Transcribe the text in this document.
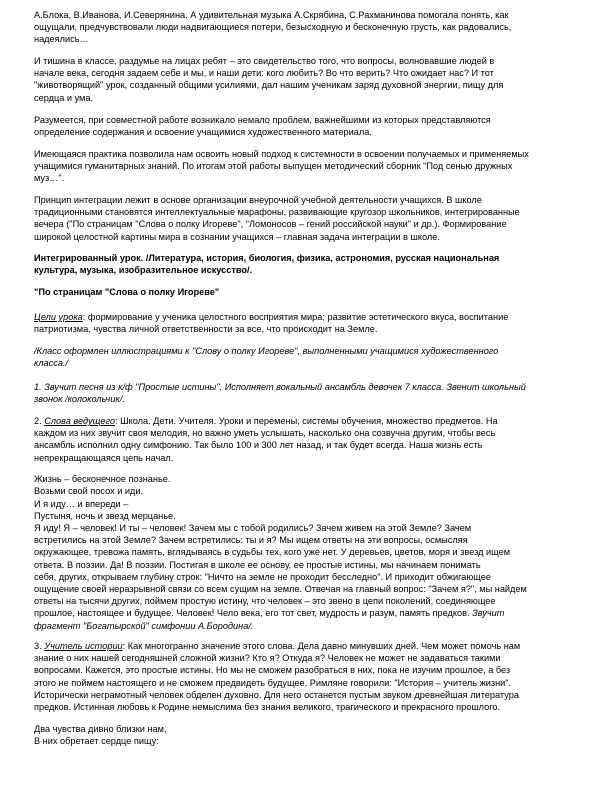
А.Блока, В.Иванова, И.Северянина. А удивительная музыка А.Скрябина, С.Рахманинова помогала понять, как
ощущали, предчувствовали люди надвигающиеся потери, безысходную и бесконечную грусть, как радовались,
надеялись…
И тишина в классе, раздумье на лицах ребят – это свидетельство того, что вопросы, волновавшие людей в
начале века, сегодня задаем себе и мы, и наши дети: кого любить? Во что верить? Что ожидает нас? И тот
"животворящий" урок, созданный общими усилиями, дал нашим ученикам заряд духовной энергии, пищу для
сердца и ума.
Разумеется, при совместной работе возникало немало проблем, важнейшими из которых представляются
определение содержания и освоение учащимися художественного материала.
Имеющаяся практика позволила нам освоить новый подход к системности в освоении получаемых и применяемых
учащимися гуманитарных знаний. По итогам этой работы выпущен методический сборник "Под сенью дружных
муз…".
Принцип интеграции лежит в основе организации внеурочной учебной деятельности учащихся. В школе
традиционными становятся интеллектуальные марафоны, развивающие кругозор школьников, интегрированные
вечера ("По страницам "Слова о полку Игореве", "Ломоносов – гений российской науки" и др.). Формирование
широкой целостной картины мира в сознании учащихся – главная задача интеграции в школе.
Интегрированный урок. /Литература, история, биология, физика, астрономия, русская национальная
культура, музыка, изобразительное искусство/.
"По страницам "Слова о полку Игореве"
Цели урока: формирование у ученика целостного восприятия мира; развитие эстетического вкуса, воспитание
патриотизма, чувства личной ответственности за все, что происходит на Земле.
/Класс оформлен иллюстрациями к "Слову о полку Игореве", выполненными учащимися художественного
класса./
1. Звучит песня из к/ф "Простые истины". Исполняет вокальный ансамбль девочек 7 класса. Звенит школьный
звонок /колокольчик/.
2. Слова ведущего: Школа. Дети. Учителя. Уроки и перемены, системы обучения, множество предметов. На
каждом из них звучит своя мелодия, но важно уметь услышать, насколько она созвучна другим, чтобы весь
ансамбль исполнил одну симфонию. Так было 100 и 300 лет назад, и так будет всегда. Наша жизнь есть
непрекращающаяся цепь начал.
Жизнь – бесконечное познанье.
Возьми свой посох и иди.
И я иду… и впереди –
Пустыня, ночь и звезд мерцанье.
Я иду! Я – человек! И ты – человек! Зачем мы с тобой родились? Зачем живем на этой Земле? Зачем
встретились на этой Земле? Зачем встретились: ты и я? Мы ищем ответы на эти вопросы, осмысляя
окружающее, тревожа память, вглядываясь в судьбы тех, кого уже нет. У деревьев, цветов, моря и звезд ищем
ответа. В поэзии. Да! В поэзии. Постигая в школе ее основу, ее простые истины, мы начинаем понимать
себя, других, открываем глубину строк: "Ничто на земле не проходит бесследно". И приходит обжигающее
ощущение своей неразрывной связи со всем сущим на земле. Отвечая на главный вопрос: "Зачем я?", мы найдем
ответы на тысячи других, поймем простую истину, что человек – это звено в цепи поколений, соединяющее
прошлое, настоящее и будущее. Человек! Чело века, его тот свет, мудрость и разум, память предков. Звучит
фрагмент "Богатырской" симфонии А.Бородина/.
3. Учитель истории: Как многогранно значение этого слова. Дела давно минувших дней. Чем может помочь нам
знание о них нашей сегодняшней сложной жизни? Кто я? Откуда я? Человек не может не задаваться такими
вопросами. Кажется, это простые истины. Но мы не сможем разобраться в них, пока не изучим прошлое, а без
этого не поймем настоящего и не сможем предвидеть будущее. Римляне говорили: "История – учитель жизни".
Исторически неграмотный человек обделен духовно. Для него останется пустым звуком древнейшая литература
предков. Истинная любовь к Родине немыслима без знания великого, трагического и прекрасного прошлого.
Два чувства дивно близки нам,
В них обретает сердце пищу:
